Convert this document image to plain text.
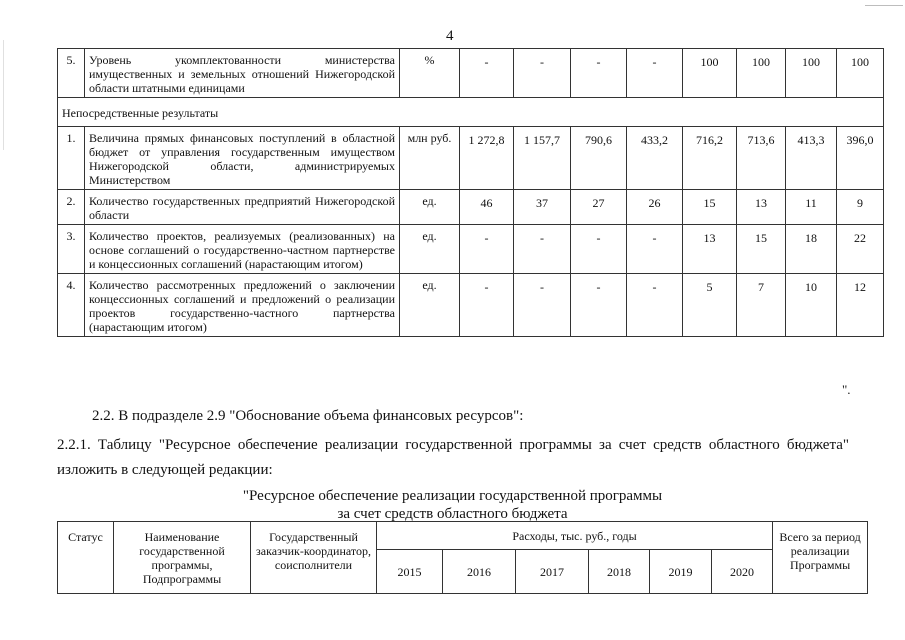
4
5.	Уровень укомплектованности министерства имущественных и земельных отношений Нижегородской области штатными единицами	%	-	-	-	-	100	100	100	100
Непосредственные результаты										
1.	Величина прямых финансовых поступлений в областной бюджет от управления государственным имуществом Нижегородской области, администрируемых Министерством	млн руб.	1 272,8	1 157,7	790,6	433,2	716,2	713,6	413,3	396,0
2.	Количество государственных предприятий Нижегородской области	ед.	46	37	27	26	15	13	11	9
3.	Количество проектов, реализуемых (реализованных) на основе соглашений о государственно-частном партнерстве и концессионных соглашений (нарастающим итогом)	ед.	-	-	-	-	13	15	18	22
4.	Количество рассмотренных предложений о заключении концессионных соглашений и предложений о реализации проектов государственно-частного партнерства (нарастающим итогом)	ед.	-	-	-	-	5	7	10	12
".
2.2. В подразделе 2.9 "Обоснование объема финансовых ресурсов":
2.2.1. Таблицу "Ресурсное обеспечение реализации государственной программы за счет средств областного бюджета" изложить в следующей редакции:
"Ресурсное обеспечение реализации государственной программы
за счет средств областного бюджета
Статус	Наименование государственной программы, Подпрограммы	Государственный заказчик-координатор, соисполнители	Расходы, тыс. руб., годы						Всего за период реализации Программы
			2015	2016	2017	2018	2019	2020	
